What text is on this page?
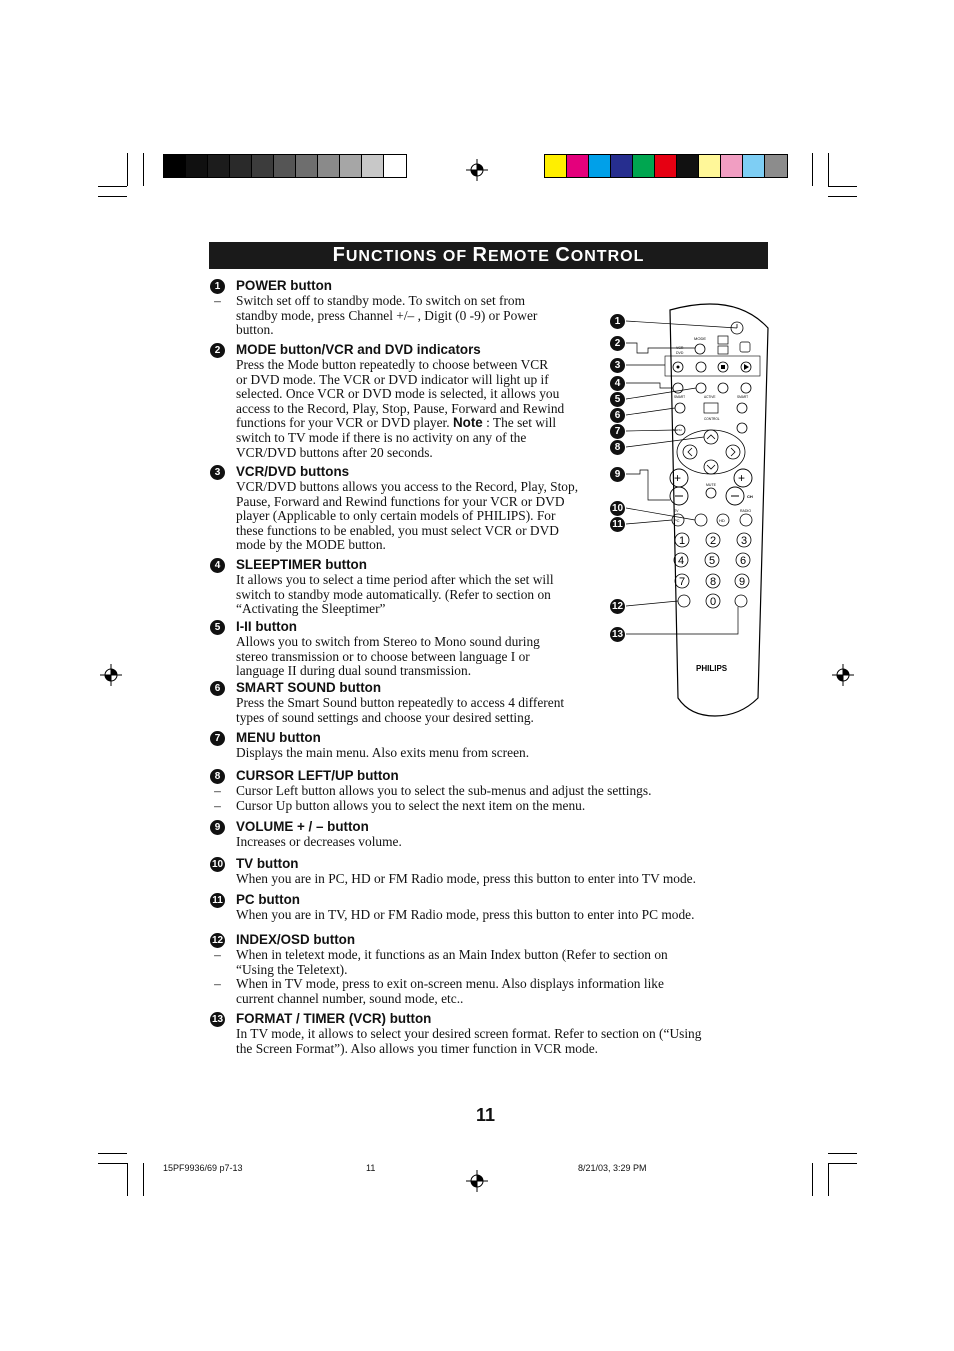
FUNCTIONS OF REMOTE CONTROL
1	POWER button
–	Switch set off to standby mode. To switch on set from
standby mode, press Channel +/– , Digit (0 -9) or Power
button.
2	MODE button/VCR and DVD indicators
Press the Mode button repeatedly to choose between VCR
or DVD mode. The VCR or DVD indicator will light up if
selected. Once VCR or DVD mode is selected, it allows you
access to the Record, Play, Stop, Pause, Forward and Rewind
functions for your VCR or DVD player. Note : The set will
switch to TV mode if there is no activity on any of the
VCR/DVD buttons after 20 seconds.
3	VCR/DVD buttons
VCR/DVD buttons allows you access to the Record, Play, Stop,
Pause, Forward and Rewind functions for your VCR or DVD
player (Applicable to only certain models of PHILIPS). For
these functions to be enabled, you must select VCR or DVD
mode by the MODE button.
4	SLEEPTIMER button
It allows you to select a time period after which the set will
switch to standby mode automatically. (Refer to section on
“Activating the Sleeptimer”
5	I-II button
Allows you to switch from Stereo to Mono sound during
stereo transmission or to choose between language I or
language II during dual sound transmission.
6	SMART SOUND button
Press the Smart Sound button repeatedly to access 4 different
types of sound settings and choose your desired setting.
7	MENU button
Displays the main menu. Also exits menu from screen.
8	CURSOR LEFT/UP button
–	Cursor Left button allows you to select the sub-menus and adjust the settings.
–	Cursor Up button allows you to select the next item on the menu.
9	VOLUME + / – button
Increases or decreases volume.
10 TV button
When you are in PC, HD or FM Radio mode, press this button to enter into TV mode.
11 PC button
When you are in TV, HD or FM Radio mode, press this button to enter into PC mode.
12 INDEX/OSD button
–	When in teletext mode, it functions as an Main Index button (Refer to section on
“Using the Teletext).
–	When in TV mode, press to exit on-screen menu. Also displays information like
current channel number, sound mode, etc..
13 FORMAT / TIMER (VCR) button
In TV mode, it allows to select your desired screen format. Refer to section on (“Using
the Screen Format”). Also allows you timer function in VCR mode.
MODE
VCR
DVD
SMART	ACTIVE	SMART
CONTROL
MENU
+	+
MUTE
CH
TV	RADIO
PC	HD
1 2 3
4 5 6
7 8 9
0
PHILIPS
1
2
3
4
5
6
7
8
9
10
11
12
13
11
15PF9936/69 p7-13	11	8/21/03, 3:29 PM
